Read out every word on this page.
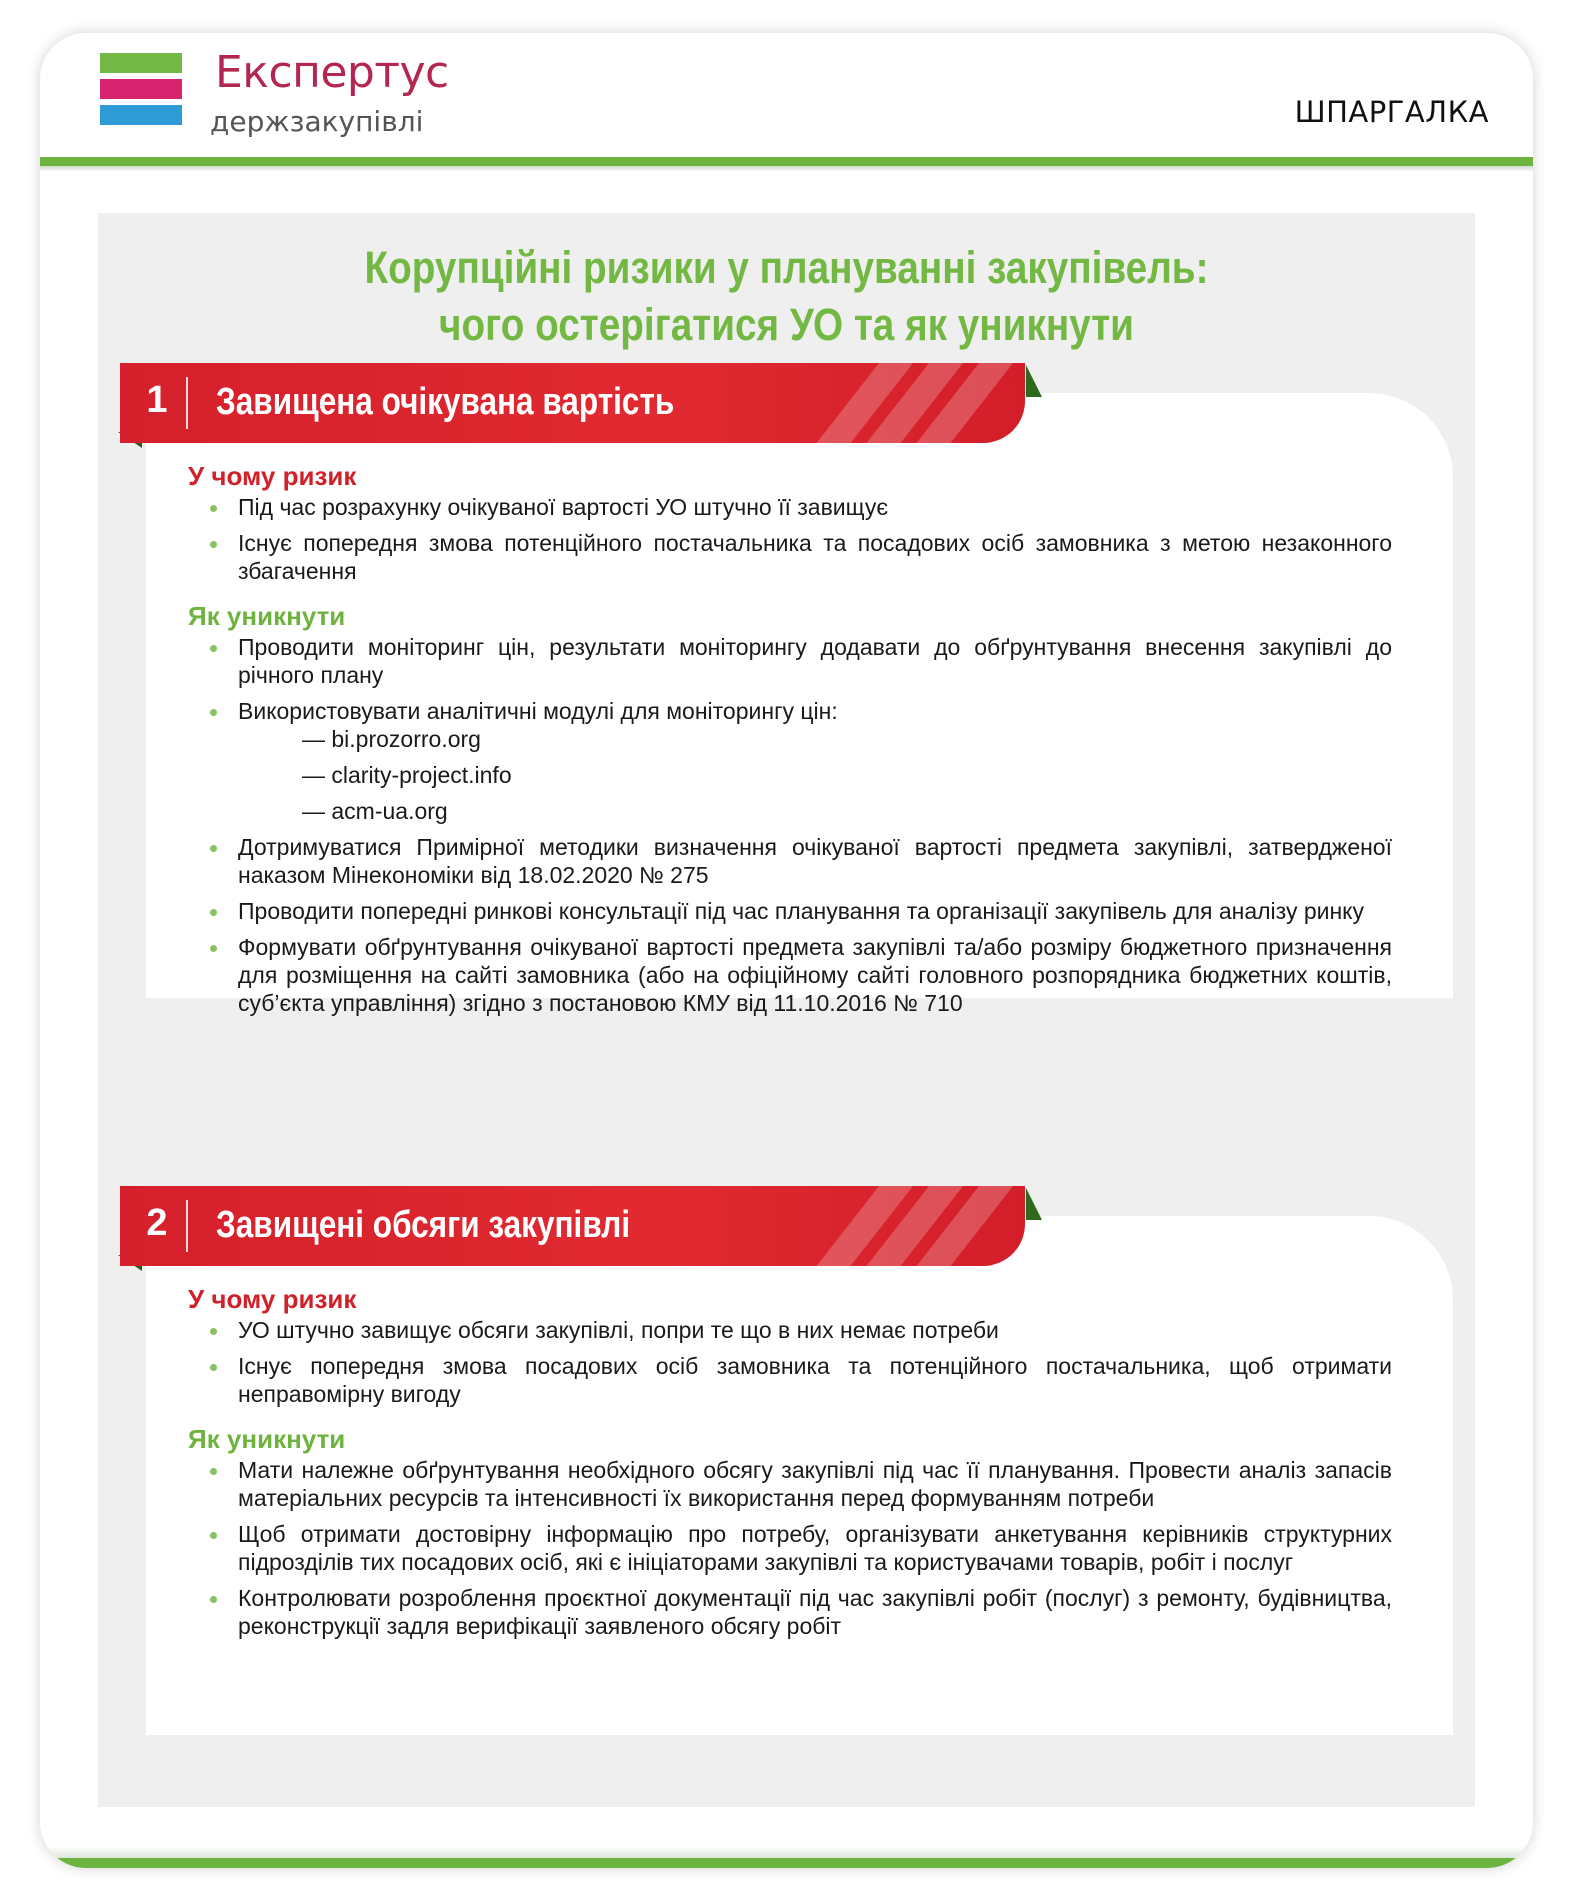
Експертус
держзакупівлі	ШПАРГАЛКА
Корупційні ризики у плануванні закупівель:
чого остерігатися УО та як уникнути
У чому ризик
Під час розрахунку очікуваної вартості УО штучно її завищує
Існує попередня змова потенційного постачальника та посадових осіб замовника з метою незаконного збагачення
Як уникнути
Проводити моніторинг цін, результати моніторингу додавати до обґрунтування внесення закупівлі до річного плану
Використовувати аналітичні модулі для моніторингу цін:
— bi.prozorro.org
— clarity-project.info
— acm-ua.org
Дотримуватися Примірної методики визначення очікуваної вартості предмета закупівлі, затвердженої наказом Мінекономіки від 18.02.2020 № 275
Проводити попередні ринкові консультації під час планування та організації закупівель для аналізу ринку
Формувати обґрунтування очікуваної вартості предмета закупівлі та/або розміру бюджетного призначення для розміщення на сайті замовника (або на офіційному сайті головного розпорядника бюджетних коштів, суб’єкта управління) згідно з постановою КМУ від 11.10.2016 № 710
1 Завищена очікувана вартість
У чому ризик
УО штучно завищує обсяги закупівлі, попри те що в них немає потреби
Існує попередня змова посадових осіб замовника та потенційного постачальника, щоб отримати неправомірну вигоду
Як уникнути
Мати належне обґрунтування необхідного обсягу закупівлі під час її планування. Провести аналіз запасів матеріальних ресурсів та інтенсивності їх використання перед формуванням потреби
Щоб отримати достовірну інформацію про потребу, організувати анкетування керівників структурних підрозділів тих посадових осіб, які є ініціаторами закупівлі та користувачами товарів, робіт і послуг
Контролювати розроблення проєктної документації під час закупівлі робіт (послуг) з ремонту, будівництва, реконструкції задля верифікації заявленого обсягу робіт
2 Завищені обсяги закупівлі
